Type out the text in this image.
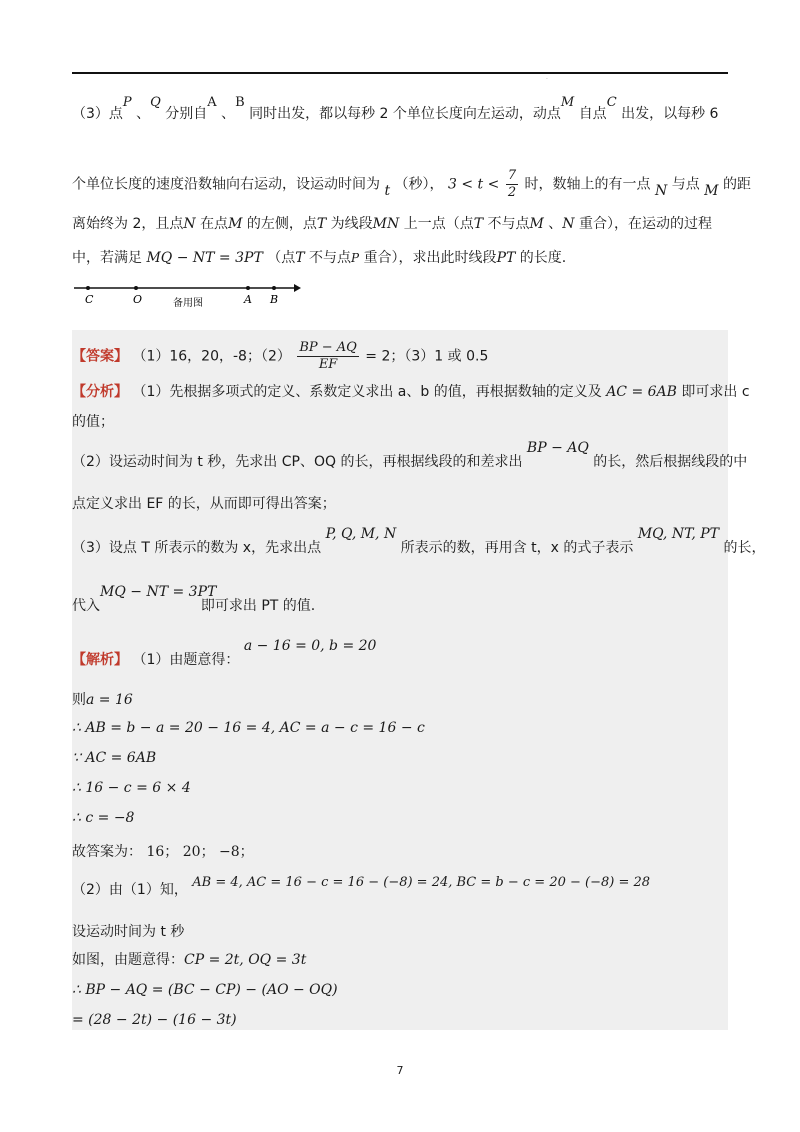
.
（3）点P 、Q 分别自A 、B 同时出发，都以每秒 2 个单位长度向左运动，动点M 自点C 出发，以每秒 6
个单位长度的速度沿数轴向右运动，设运动时间为 t （秒）， $3 < t < \frac{7}{2}$ 时，数轴上的有一点 N 与点 M 的距
离始终为 2，且点N 在点M 的左侧，点T 为线段MN 上一点（点T 不与点M 、N 重合），在运动的过程
中，若满足 MQ − NT = 3PT （点T 不与点P 重合），求出此时线段PT 的长度.
C	O	备用图	A B
【答案】 （1）16，20，-8；$(2) \frac{BP - AQ}{EF} = 2$；（3）1 或 0.5
【分析】 （1）先根据多项式的定义、系数定义求出 a、b 的值，再根据数轴的定义及 AC = 6AB 即可求出 c
的值；
（2）设运动时间为 t 秒，先求出 CP、OQ 的长，再根据线段的和差求出 BP − AQ 的长，然后根据线段的中
点定义求出 EF 的长，从而即可得出答案；
（3）设点 T 所表示的数为 x，先求出点 P, Q, M, N 所表示的数，再用含 t，x 的式子表示 MQ, NT, PT 的长，
MQ − NT = 3PT
代入	即可求出 PT 的值.
【解析】 （1）由题意得： a − 16 = 0, b = 20
则a = 16
∴ AB = b − a = 20 − 16 = 4, AC = a − c = 16 − c
∵ AC = 6AB
∴ 16 − c = 6 × 4
∴ c = −8
故答案为： 16； 20； −8；
（2）由（1）知， AB = 4, AC = 16 − c = 16 − (−8) = 24, BC = b − c = 20 − (−8) = 28
设运动时间为 t 秒
如图，由题意得：CP = 2t, OQ = 3t
∴ BP − AQ = (BC − CP) − (AO − OQ)
= (28 − 2t) − (16 − 3t)
7
